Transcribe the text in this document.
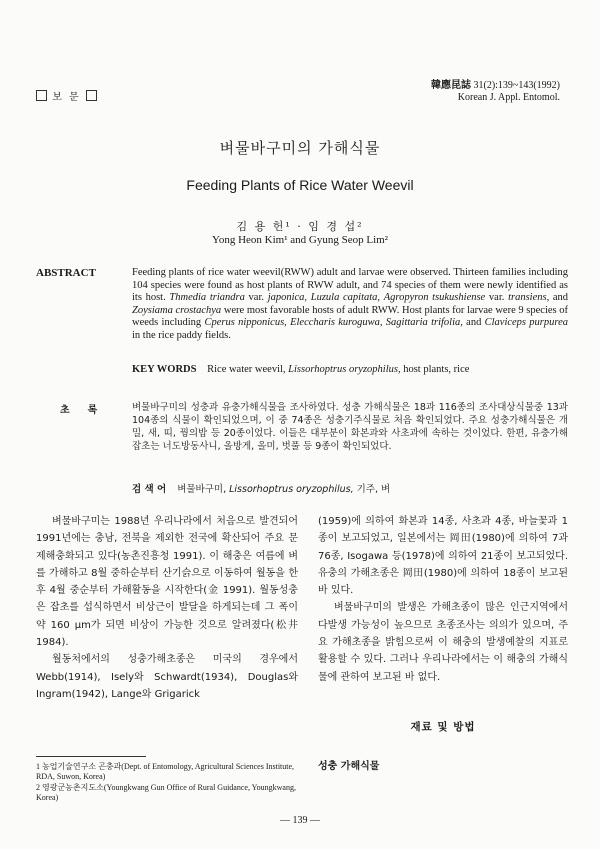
보 문
韓應昆誌 31(2):139~143(1992)
Korean J. Appl. Entomol.
벼물바구미의 가해식물
Feeding Plants of Rice Water Weevil
김 용 헌¹ · 임 경 섭²
Yong Heon Kim¹ and Gyung Seop Lim²
ABSTRACT	Feeding plants of rice water weevil(RWW) adult and larvae were observed. Thirteen families including 104 species were found as host plants of RWW adult, and 74 species of them were newly identified as its host. Thmedia triandra var. japonica, Luzula capitata, Agropyron tsukushiense var. transiens, and Zoysiama crostachya were most favorable hosts of adult RWW. Host plants for larvae were 9 species of weeds including Cperus nipponicus, Eleccharis kuroguwa, Sagittaria trifolia, and Claviceps purpurea in the rice paddy fields.
KEY WORDS Rice water weevil, Lissorhoptrus oryzophilus, host plants, rice
초록 벼물바구미의 성충과 유충가해식물을 조사하였다. 성충 가해식물은 18과 116종의 조사대상식물중 13과 104종의 식물이 확인되었으며, 이 중 74종은 성충기주식물로 처음 확인되었다. 주요 성충가해식물은 개밀, 새, 띠, 꿩의밥 등 20종이었다. 이들은 대부분이 화본과와 사초과에 속하는 것이었다. 한편, 유충가해 잡초는 너도방동사니, 올방게, 올미, 벗풀 등 9종이 확인되었다.
검 색 어 벼물바구미, Lissorhoptrus oryzophilus, 기주, 벼

벼물바구미는 1988년 우리나라에서 처음으로 발견되어 1991년에는 충남, 전북을 제외한 전국에 확산되어 주요 문제해충화되고 있다(농촌진흥청 1991). 이 해충은 여름에 벼를 가해하고 8월 중하순부터 산기슭으로 이동하여 월동을 한 후 4월 중순부터 가해활동을 시작한다(金 1991). 월동성충은 잡초를 섭식하면서 비상근이 발달을 하게되는데 그 폭이 약 160 μm가 되면 비상이 가능한 것으로 알려졌다(松井 1984).

월동처에서의 성충가해초종은 미국의 경우에서 Webb(1914), Isely와 Schwardt(1934), Douglas와 Ingram(1942), Lange와 Grigarick

(1959)에 의하여 화본과 14종, 사초과 4종, 바늘꽃과 1종이 보고되었고, 일본에서는 岡田(1980)에 의하여 7과 76종, Isogawa 등(1978)에 의하여 21종이 보고되었다. 유충의 가해초종은 岡田(1980)에 의하여 18종이 보고된 바 있다.

벼물바구미의 발생은 가해초종이 많은 인근지역에서 다발생 가능성이 높으므로 초종조사는 의의가 있으며, 주요 가해초종을 밝힘으로써 이 해충의 발생예찰의 지표로 활용할 수 있다. 그러나 우리나라에서는 이 해충의 가해식물에 관하여 보고된 바 없다.

재료 및 방법
성충 가해식물
1 농업기술연구소 곤충과(Dept. of Entomology, Agricultural Sciences Institute, RDA, Suwon, Korea)
2 영광군농촌지도소(Youngkwang Gun Office of Rural Guidance, Youngkwang, Korea)
— 139 —
